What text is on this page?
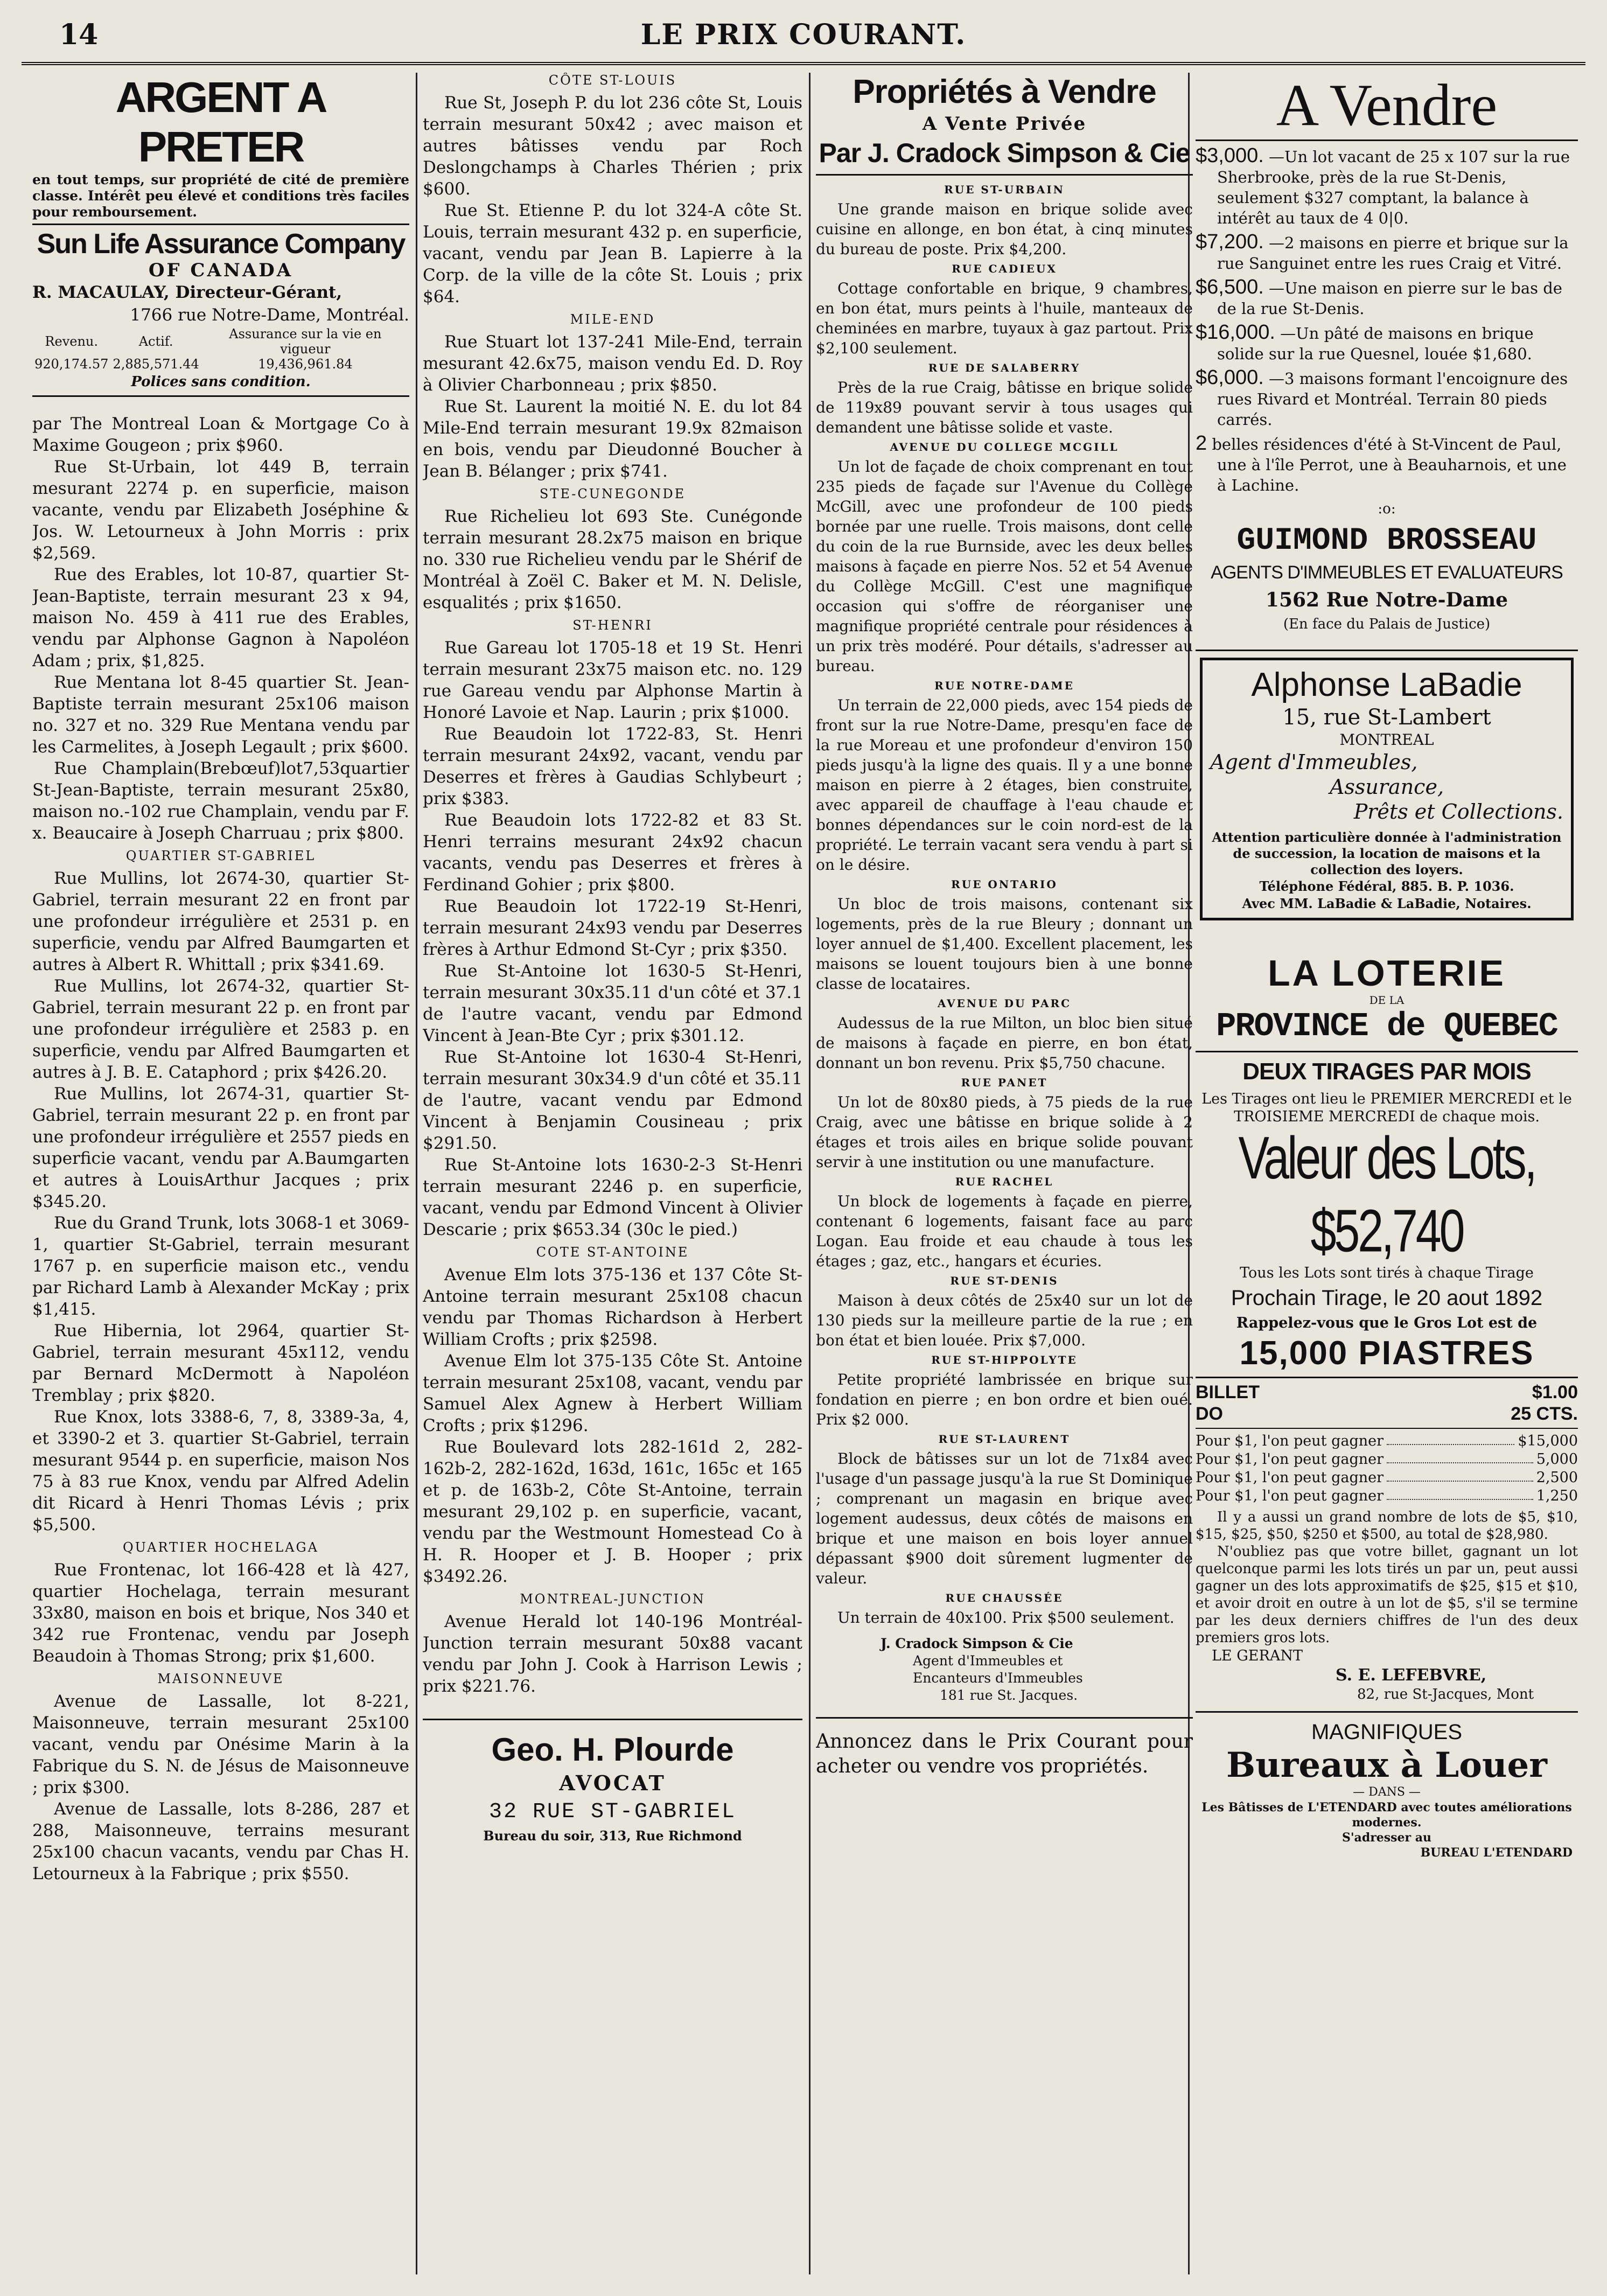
14	LE PRIX COURANT.
ARGENT A PRETER

en tout temps, sur propriété de cité de première classe. Intérêt peu élevé et conditions très faciles pour remboursement.

Sun Life Assurance Company
OF CANADA
R. MACAULAY, Directeur-Gérant,
1766 rue Notre-Dame, Montréal.
Revenu.	Actif.	Assurance sur la vie en vigueur
920,174.57	2,885,571.44	19,436,961.84
Polices sans condition.

par The Montreal Loan & Mortgage Co à Maxime Gougeon ; prix $960.

Rue St-Urbain, lot 449 B, terrain mesurant 2274 p. en superficie, maison vacante, vendu par Elizabeth Joséphine & Jos. W. Letourneux à John Morris : prix $2,569.

Rue des Erables, lot 10-87, quartier St-Jean-Baptiste, terrain mesurant 23 x 94, maison No. 459 à 411 rue des Erables, vendu par Alphonse Gagnon à Napoléon Adam ; prix, $1,825.

Rue Mentana lot 8-45 quartier St. Jean-Baptiste terrain mesurant 25x106 maison no. 327 et no. 329 Rue Mentana vendu par les Carmelites, à Joseph Legault ; prix $600.

Rue Champlain(Brebœuf)lot7,53quartier St-Jean-Baptiste, terrain mesurant 25x80, maison no.-102 rue Champlain, vendu par F. x. Beaucaire à Joseph Charruau ; prix $800.

QUARTIER ST-GABRIEL

Rue Mullins, lot 2674-30, quartier St-Gabriel, terrain mesurant 22 en front par une profondeur irrégulière et 2531 p. en superficie, vendu par Alfred Baumgarten et autres à Albert R. Whittall ; prix $341.69.

Rue Mullins, lot 2674-32, quartier St-Gabriel, terrain mesurant 22 p. en front par une profondeur irrégulière et 2583 p. en superficie, vendu par Alfred Baumgarten et autres à J. B. E. Cataphord ; prix $426.20.

Rue Mullins, lot 2674-31, quartier St-Gabriel, terrain mesurant 22 p. en front par une profondeur irrégulière et 2557 pieds en superficie vacant, vendu par A.Baumgarten et autres à LouisArthur Jacques ; prix $345.20.

Rue du Grand Trunk, lots 3068-1 et 3069-1, quartier St-Gabriel, terrain mesurant 1767 p. en superficie maison etc., vendu par Richard Lamb à Alexander McKay ; prix $1,415.

Rue Hibernia, lot 2964, quartier St-Gabriel, terrain mesurant 45x112, vendu par Bernard McDermott à Napoléon Tremblay ; prix $820.

Rue Knox, lots 3388-6, 7, 8, 3389-3a, 4, et 3390-2 et 3. quartier St-Gabriel, terrain mesurant 9544 p. en superficie, maison Nos 75 à 83 rue Knox, vendu par Alfred Adelin dit Ricard à Henri Thomas Lévis ; prix $5,500.

QUARTIER HOCHELAGA

Rue Frontenac, lot 166-428 et là 427, quartier Hochelaga, terrain mesurant 33x80, maison en bois et brique, Nos 340 et 342 rue Frontenac, vendu par Joseph Beaudoin à Thomas Strong; prix $1,600.

MAISONNEUVE

Avenue de Lassalle, lot 8-221, Maisonneuve, terrain mesurant 25x100 vacant, vendu par Onésime Marin à la Fabrique du S. N. de Jésus de Maisonneuve ; prix $300.

Avenue de Lassalle, lots 8-286, 287 et 288, Maisonneuve, terrains mesurant 25x100 chacun vacants, vendu par Chas H. Letourneux à la Fabrique ; prix $550.

CÔTE ST-LOUIS

Rue St, Joseph P. du lot 236 côte St, Louis terrain mesurant 50x42 ; avec maison et autres bâtisses vendu par Roch Deslongchamps à Charles Thérien ; prix $600.

Rue St. Etienne P. du lot 324-A côte St. Louis, terrain mesurant 432 p. en superficie, vacant, vendu par Jean B. Lapierre à la Corp. de la ville de la côte St. Louis ; prix $64.

MILE-END

Rue Stuart lot 137-241 Mile-End, terrain mesurant 42.6x75, maison vendu Ed. D. Roy à Olivier Charbonneau ; prix $850.

Rue St. Laurent la moitié N. E. du lot 84 Mile-End terrain mesurant 19.9x 82maison en bois, vendu par Dieudonné Boucher à Jean B. Bélanger ; prix $741.

STE-CUNEGONDE

Rue Richelieu lot 693 Ste. Cunégonde terrain mesurant 28.2x75 maison en brique no. 330 rue Richelieu vendu par le Shérif de Montréal à Zoël C. Baker et M. N. Delisle, esqualités ; prix $1650.

ST-HENRI

Rue Gareau lot 1705-18 et 19 St. Henri terrain mesurant 23x75 maison etc. no. 129 rue Gareau vendu par Alphonse Martin à Honoré Lavoie et Nap. Laurin ; prix $1000.

Rue Beaudoin lot 1722-83, St. Henri terrain mesurant 24x92, vacant, vendu par Deserres et frères à Gaudias Schlybeurt ; prix $383.

Rue Beaudoin lots 1722-82 et 83 St. Henri terrains mesurant 24x92 chacun vacants, vendu pas Deserres et frères à Ferdinand Gohier ; prix $800.

Rue Beaudoin lot 1722-19 St-Henri, terrain mesurant 24x93 vendu par Deserres frères à Arthur Edmond St-Cyr ; prix $350.

Rue St-Antoine lot 1630-5 St-Henri, terrain mesurant 30x35.11 d'un côté et 37.1 de l'autre vacant, vendu par Edmond Vincent à Jean-Bte Cyr ; prix $301.12.

Rue St-Antoine lot 1630-4 St-Henri, terrain mesurant 30x34.9 d'un côté et 35.11 de l'autre, vacant vendu par Edmond Vincent à Benjamin Cousineau ; prix $291.50.

Rue St-Antoine lots 1630-2-3 St-Henri terrain mesurant 2246 p. en superficie, vacant, vendu par Edmond Vincent à Olivier Descarie ; prix $653.34 (30c le pied.)

COTE ST-ANTOINE

Avenue Elm lots 375-136 et 137 Côte St-Antoine terrain mesurant 25x108 chacun vendu par Thomas Richardson à Herbert William Crofts ; prix $2598.

Avenue Elm lot 375-135 Côte St. Antoine terrain mesurant 25x108, vacant, vendu par Samuel Alex Agnew à Herbert William Crofts ; prix $1296.

Rue Boulevard lots 282-161d 2, 282-162b-2, 282-162d, 163d, 161c, 165c et 165 et p. de 163b-2, Côte St-Antoine, terrain mesurant 29,102 p. en superficie, vacant, vendu par the Westmount Homestead Co à H. R. Hooper et J. B. Hooper ; prix $3492.26.

MONTREAL-JUNCTION

Avenue Herald lot 140-196 Montréal-Junction terrain mesurant 50x88 vacant vendu par John J. Cook à Harrison Lewis ; prix $221.76.

Geo. H. Plourde
AVOCAT
32 RUE ST-GABRIEL
Bureau du soir, 313, Rue Richmond
Propriétés à Vendre
A Vente Privée
Par J. Cradock Simpson & Cie
RUE ST-URBAIN

Une grande maison en brique solide avec cuisine en allonge, en bon état, à cinq minutes du bureau de poste. Prix $4,200.

RUE CADIEUX

Cottage confortable en brique, 9 chambres, en bon état, murs peints à l'huile, manteaux de cheminées en marbre, tuyaux à gaz partout. Prix $2,100 seulement.

RUE DE SALABERRY

Près de la rue Craig, bâtisse en brique solide de 119x89 pouvant servir à tous usages qui demandent une bâtisse solide et vaste.

AVENUE DU COLLEGE MCGILL

Un lot de façade de choix comprenant en tout 235 pieds de façade sur l'Avenue du Collège McGill, avec une profondeur de 100 pieds bornée par une ruelle. Trois maisons, dont celle du coin de la rue Burnside, avec les deux belles maisons à façade en pierre Nos. 52 et 54 Avenue du Collège McGill. C'est une magnifique occasion qui s'offre de réorganiser une magnifique propriété centrale pour résidences à un prix très modéré. Pour détails, s'adresser au bureau.

RUE NOTRE-DAME

Un terrain de 22,000 pieds, avec 154 pieds de front sur la rue Notre-Dame, presqu'en face de la rue Moreau et une profondeur d'environ 150 pieds jusqu'à la ligne des quais. Il y a une bonne maison en pierre à 2 étages, bien construite, avec appareil de chauffage à l'eau chaude et bonnes dépendances sur le coin nord-est de la propriété. Le terrain vacant sera vendu à part si on le désire.

RUE ONTARIO

Un bloc de trois maisons, contenant six logements, près de la rue Bleury ; donnant un loyer annuel de $1,400. Excellent placement, les maisons se louent toujours bien à une bonne classe de locataires.

AVENUE DU PARC

Audessus de la rue Milton, un bloc bien situé de maisons à façade en pierre, en bon état, donnant un bon revenu. Prix $5,750 chacune.

RUE PANET

Un lot de 80x80 pieds, à 75 pieds de la rue Craig, avec une bâtisse en brique solide à 2 étages et trois ailes en brique solide pouvant servir à une institution ou une manufacture.

RUE RACHEL

Un block de logements à façade en pierre, contenant 6 logements, faisant face au parc Logan. Eau froide et eau chaude à tous les étages ; gaz, etc., hangars et écuries.

RUE ST-DENIS

Maison à deux côtés de 25x40 sur un lot de 130 pieds sur la meilleure partie de la rue ; en bon état et bien louée. Prix $7,000.

RUE ST-HIPPOLYTE

Petite propriété lambrissée en brique sur fondation en pierre ; en bon ordre et bien oué. Prix $2 000.

RUE ST-LAURENT

Block de bâtisses sur un lot de 71x84 avec l'usage d'un passage jusqu'à la rue St Dominique ; comprenant un magasin en brique avec logement audessus, deux côtés de maisons en brique et une maison en bois loyer annuel dépassant $900 doit sûrement lugmenter de valeur.

RUE CHAUSSÉE

Un terrain de 40x100. Prix $500 seulement.

J. Cradock Simpson & Cie
Agent d'Immeubles et
Encanteurs d'Immeubles
181 rue St. Jacques.

Annoncez dans le Prix Courant pour acheter ou vendre vos propriétés.

A Vendre
$3,000. —Un lot vacant de 25 x 107 sur la rue Sherbrooke, près de la rue St-Denis, seulement $327 comptant, la balance à intérêt au taux de 4 0|0.
$7,200. —2 maisons en pierre et brique sur la rue Sanguinet entre les rues Craig et Vitré.
$6,500. —Une maison en pierre sur le bas de de la rue St-Denis.
$16,000. —Un pâté de maisons en brique solide sur la rue Quesnel, louée $1,680.
$6,000. —3 maisons formant l'encoignure des rues Rivard et Montréal. Terrain 80 pieds carrés.
2 belles résidences d'été à St-Vincent de Paul, une à l'île Perrot, une à Beauharnois, et une à Lachine.
:o:
GUIMOND BROSSEAU
AGENTS D'IMMEUBLES ET EVALUATEURS
1562 Rue Notre-Dame
(En face du Palais de Justice)
Alphonse LaBadie
15, rue St-Lambert
MONTREAL
Agent d'Immeubles,
Assurance,
Prêts et Collections.
Attention particulière donnée à l'administration de succession, la location de maisons et la collection des loyers.
Téléphone Fédéral, 885. B. P. 1036.
Avec MM. LaBadie & LaBadie, Notaires.
LA LOTERIE
DE LA
PROVINCE de QUEBEC
DEUX TIRAGES PAR MOIS

Les Tirages ont lieu le PREMIER MERCREDI et le TROISIEME MERCREDI de chaque mois.

Valeur des Lots, $52,740
Tous les Lots sont tirés à chaque Tirage
Prochain Tirage, le 20 aout 1892
Rappelez-vous que le Gros Lot est de
15,000 PIASTRES
BILLET	$1.00
DO	25 CTS.
Pour $1, l'on peut gagner	$15,000
Pour $1, l'on peut gagner	5,000
Pour $1, l'on peut gagner	2,500
Pour $1, l'on peut gagner	1,250

Il y a aussi un grand nombre de lots de $5, $10, $15, $25, $50, $250 et $500, au total de $28,980.

N'oubliez pas que votre billet, gagnant un lot quelconque parmi les lots tirés un par un, peut aussi gagner un des lots approximatifs de $25, $15 et $10, et avoir droit en outre à un lot de $5, s'il se termine par les deux derniers chiffres de l'un des deux premiers gros lots.

LE GERANT
S. E. LEFEBVRE,
82, rue St-Jacques, Mont
MAGNIFIQUES
Bureaux à Louer
— DANS —
Les Bâtisses de L'ETENDARD avec toutes améliorations modernes.
S'adresser au
BUREAU L'ETENDARD
